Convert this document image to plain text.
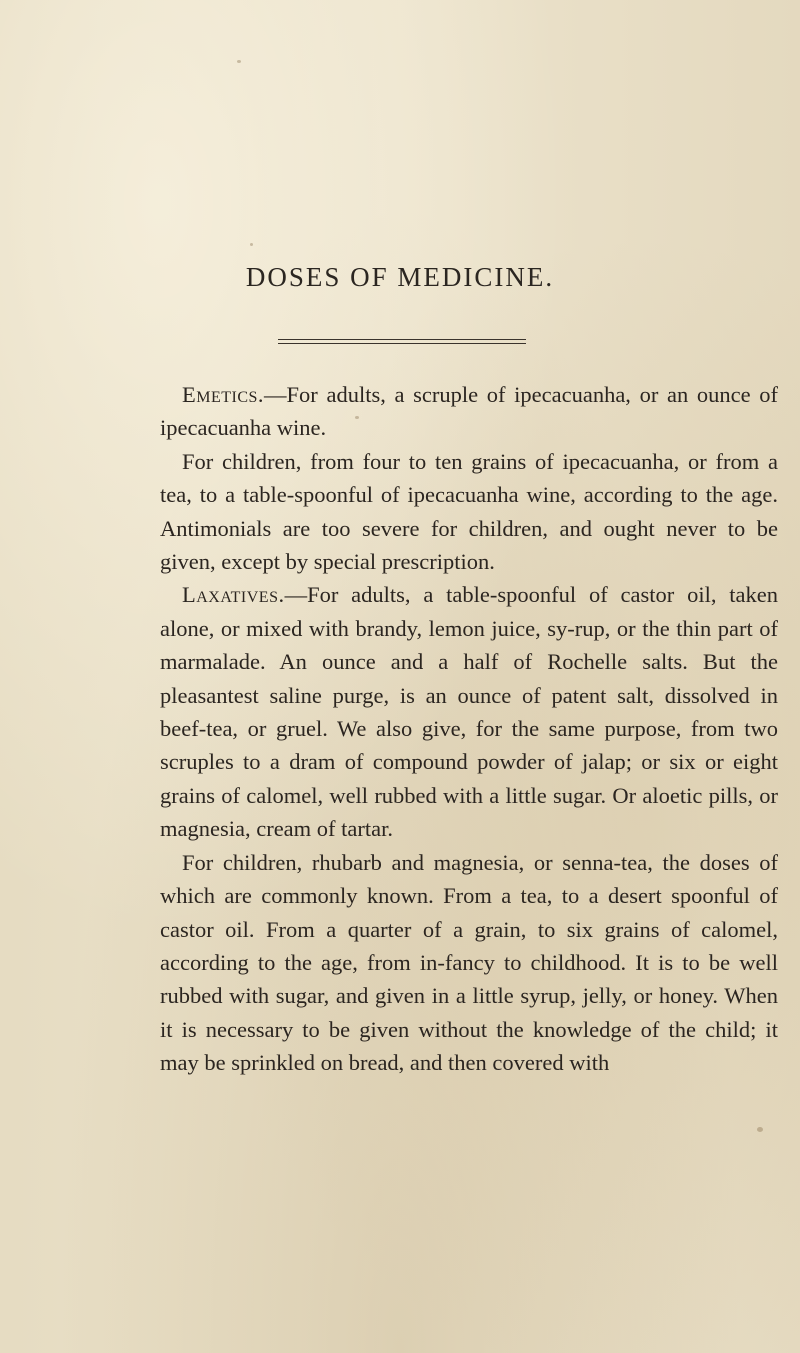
DOSES OF MEDICINE.

Emetics.—For adults, a scruple of ipecacuanha, or an ounce of ipecacuanha wine.

For children, from four to ten grains of ipecacuanha, or from a tea, to a table-spoonful of ipecacuanha wine, according to the age. Antimonials are too severe for children, and ought never to be given, except by special prescription.

Laxatives.—For adults, a table-spoonful of castor oil, taken alone, or mixed with brandy, lemon juice, sy-rup, or the thin part of marmalade. An ounce and a half of Rochelle salts. But the pleasantest saline purge, is an ounce of patent salt, dissolved in beef-tea, or gruel. We also give, for the same purpose, from two scruples to a dram of compound powder of jalap; or six or eight grains of calomel, well rubbed with a little sugar. Or aloetic pills, or magnesia, cream of tartar.

For children, rhubarb and magnesia, or senna-tea, the doses of which are commonly known. From a tea, to a desert spoonful of castor oil. From a quarter of a grain, to six grains of calomel, according to the age, from in-fancy to childhood. It is to be well rubbed with sugar, and given in a little syrup, jelly, or honey. When it is necessary to be given without the knowledge of the child; it may be sprinkled on bread, and then covered with
